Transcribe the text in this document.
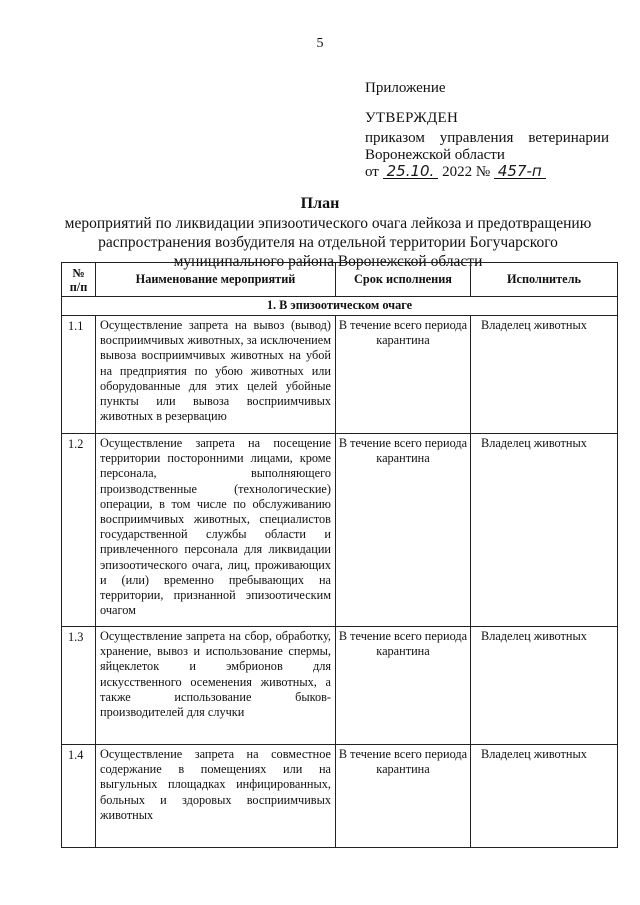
5
Приложение
УТВЕРЖДЕН
приказом управления ветеринарии
Воронежской области
от 25.10. 2022 № 457-п
План
мероприятий по ликвидации эпизоотического очага лейкоза и предотвращению распространения возбудителя на отдельной территории Богучарского муниципального района Воронежской области
№
п/п	Наименование мероприятий	Срок исполнения	Исполнитель
1. В эпизоотическом очаге			
1.1	Осуществление запрета на вывоз (вывод) восприимчивых животных, за исключением вывоза восприимчивых животных на убой на предприятия по убою животных или оборудованные для этих целей убойные пункты или вывоза восприимчивых животных в резервацию	В течение всего периода карантина	Владелец животных
1.2	Осуществление запрета на посещение территории посторонними лицами, кроме персонала, выполняющего производственные (технологические) операции, в том числе по обслуживанию восприимчивых животных, специалистов государственной службы области и привлеченного персонала для ликвидации эпизоотического очага, лиц, проживающих и (или) временно пребывающих на территории, признанной эпизоотическим очагом	В течение всего периода карантина	Владелец животных
1.3	Осуществление запрета на сбор, обработку, хранение, вывоз и использование спермы, яйцеклеток и эмбрионов для искусственного осеменения животных, а также использование быков-производителей для случки	В течение всего периода карантина	Владелец животных
1.4	Осуществление запрета на совместное содержание в помещениях или на выгульных площадках инфицированных, больных и здоровых восприимчивых животных	В течение всего периода карантина	Владелец животных
